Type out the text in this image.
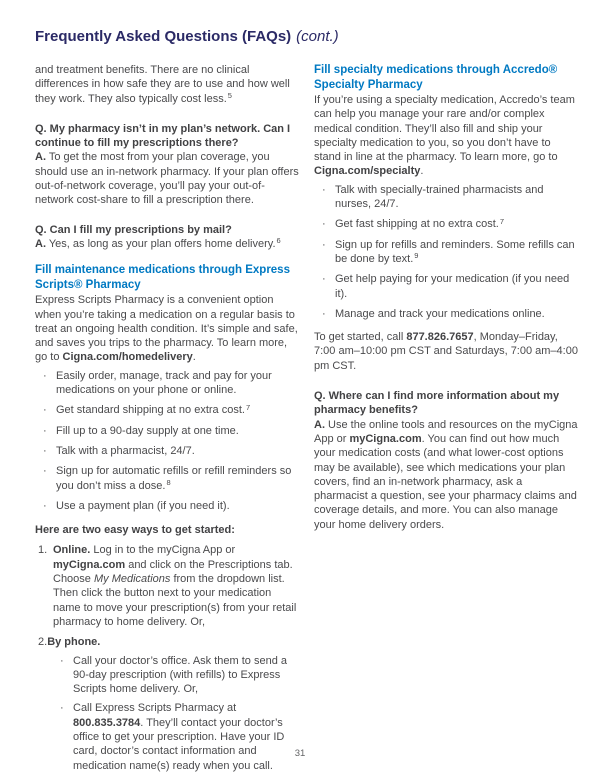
Frequently Asked Questions (FAQs) (cont.)

and treatment benefits. There are no clinical differences in how safe they are to use and how well they work. They also typically cost less.$^5$

Q. My pharmacy isn’t in my plan’s network. Can I continue to fill my prescriptions there?

A. To get the most from your plan coverage, you should use an in-network pharmacy. If your plan offers out-of-network coverage, you’ll pay your out-of-network cost-share to fill a prescription there.

Q. Can I fill my prescriptions by mail?

A. Yes, as long as your plan offers home delivery.$^6$

Fill maintenance medications through Express Scripts® Pharmacy

Express Scripts Pharmacy is a convenient option when you’re taking a medication on a regular basis to treat an ongoing health condition. It’s simple and safe, and saves you trips to the pharmacy. To learn more, go to Cigna.com/homedelivery.

· Easily order, manage, track and pay for your medications on your phone or online.
· Get standard shipping at no extra cost.$^7$
· Fill up to a 90-day supply at one time.
· Talk with a pharmacist, 24/7.
· Sign up for automatic refills or refill reminders so you don’t miss a dose.$^8$
· Use a payment plan (if you need it).
Here are two easy ways to get started:
1. Online. Log in to the myCigna App or myCigna.com and click on the Prescriptions tab. Choose My Medications from the dropdown list. Then click the button next to your medication name to move your prescription(s) from your retail pharmacy to home delivery. Or,
2. By phone.
· Call your doctor’s office. Ask them to send a 90-day prescription (with refills) to Express Scripts home delivery. Or,
· Call Express Scripts Pharmacy at 800.835.3784. They’ll contact your doctor’s office to get your prescription. Have your ID card, doctor’s contact information and medication name(s) ready when you call.
Fill specialty medications through Accredo® Specialty Pharmacy

If you’re using a specialty medication, Accredo’s team can help you manage your rare and/or complex medical condition. They’ll also fill and ship your specialty medication to you, so you don’t have to stand in line at the pharmacy. To learn more, go to Cigna.com/specialty.

· Talk with specially-trained pharmacists and nurses, 24/7.
· Get fast shipping at no extra cost.$^7$
· Sign up for refills and reminders. Some refills can be done by text.$^9$
· Get help paying for your medication (if you need it).
· Manage and track your medications online.

To get started, call 877.826.7657, Monday–Friday, 7:00 am–10:00 pm CST and Saturdays, 7:00 am–4:00 pm CST.

Q. Where can I find more information about my pharmacy benefits?

A. Use the online tools and resources on the myCigna App or myCigna.com. You can find out how much your medication costs (and what lower-cost options may be available), see which medications your plan covers, find an in-network pharmacy, ask a pharmacist a question, see your pharmacy claims and coverage details, and more. You can also manage your home delivery orders.

31
